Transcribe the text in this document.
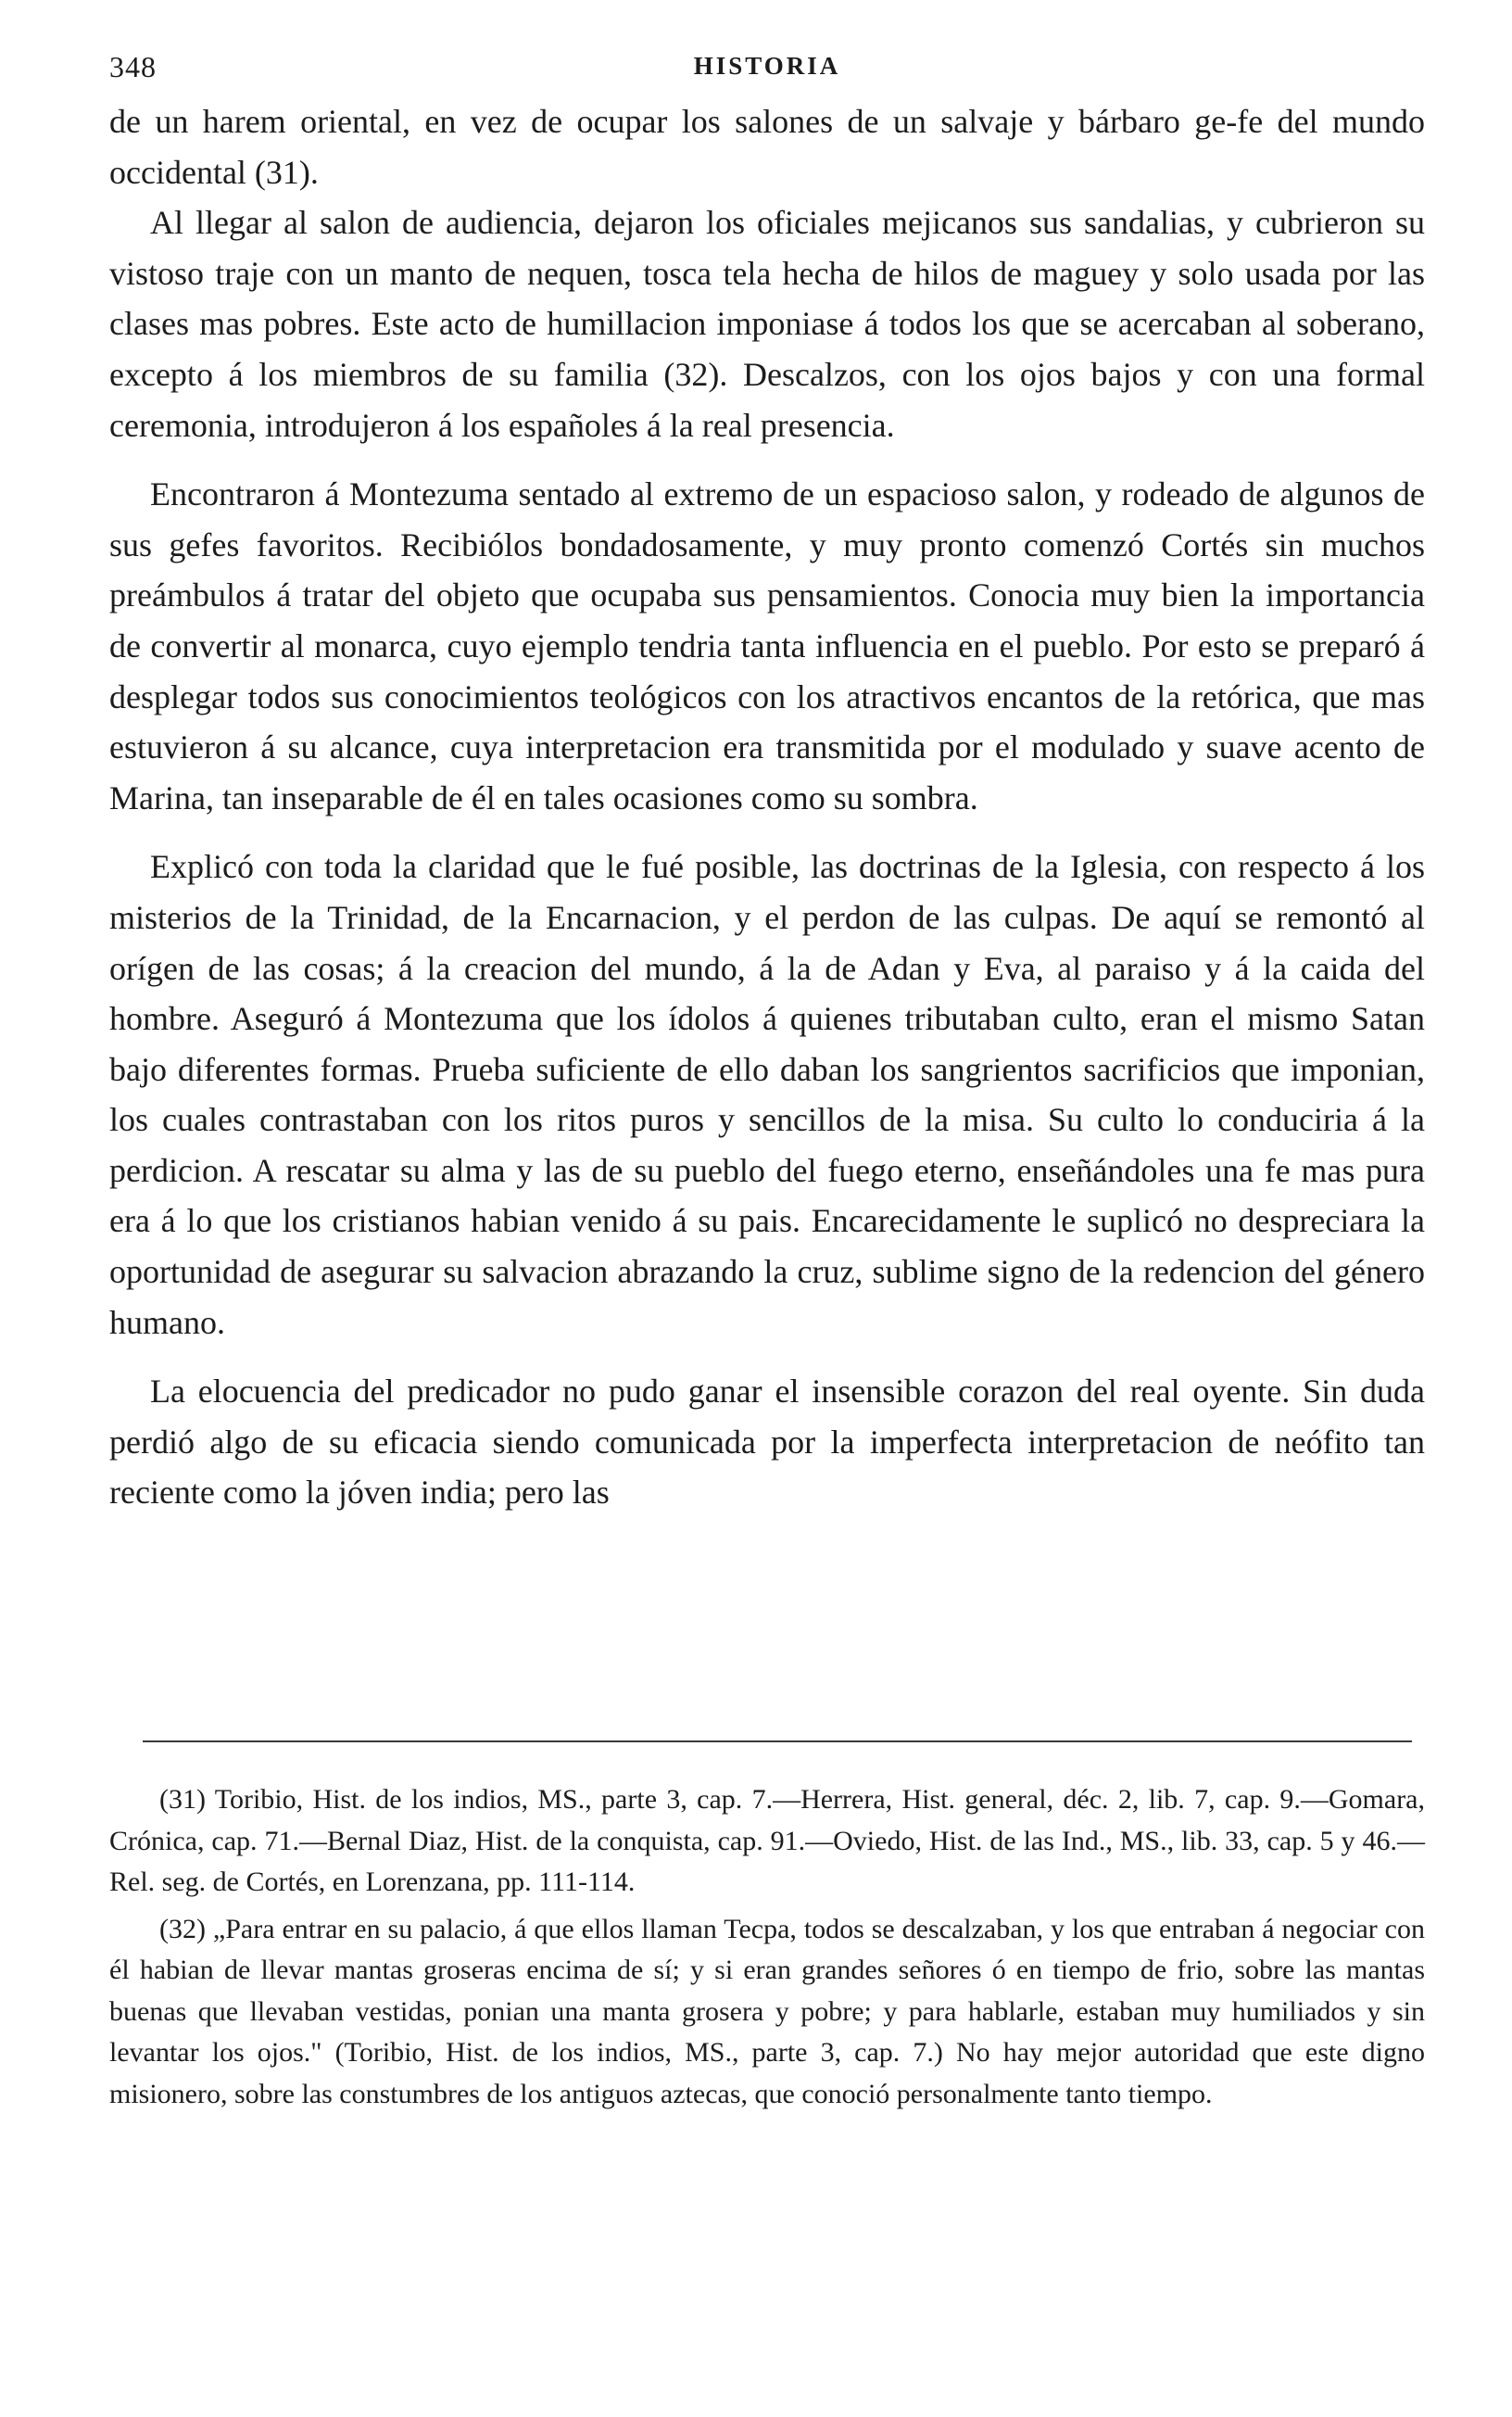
348	HISTORIA

de un harem oriental, en vez de ocupar los salones de un salvaje y bárbaro ge-fe del mundo occidental (31).

Al llegar al salon de audiencia, dejaron los oficiales mejicanos sus sandalias, y cubrieron su vistoso traje con un manto de nequen, tosca tela hecha de hilos de maguey y solo usada por las clases mas pobres. Este acto de humillacion imponiase á todos los que se acercaban al soberano, excepto á los miembros de su familia (32). Descalzos, con los ojos bajos y con una formal ceremonia, introdujeron á los españoles á la real presencia.

Encontraron á Montezuma sentado al extremo de un espacioso salon, y rodeado de algunos de sus gefes favoritos. Recibiólos bondadosamente, y muy pronto comenzó Cortés sin muchos preámbulos á tratar del objeto que ocupaba sus pensamientos. Conocia muy bien la importancia de convertir al monarca, cuyo ejemplo tendria tanta influencia en el pueblo. Por esto se preparó á desplegar todos sus conocimientos teológicos con los atractivos encantos de la retórica, que mas estuvieron á su alcance, cuya interpretacion era transmitida por el modulado y suave acento de Marina, tan inseparable de él en tales ocasiones como su sombra.

Explicó con toda la claridad que le fué posible, las doctrinas de la Iglesia, con respecto á los misterios de la Trinidad, de la Encarnacion, y el perdon de las culpas. De aquí se remontó al orígen de las cosas; á la creacion del mundo, á la de Adan y Eva, al paraiso y á la caida del hombre. Aseguró á Montezuma que los ídolos á quienes tributaban culto, eran el mismo Satan bajo diferentes formas. Prueba suficiente de ello daban los sangrientos sacrificios que imponian, los cuales contrastaban con los ritos puros y sencillos de la misa. Su culto lo conduciria á la perdicion. A rescatar su alma y las de su pueblo del fuego eterno, enseñándoles una fe mas pura era á lo que los cristianos habian venido á su pais. Encarecidamente le suplicó no despreciara la oportunidad de asegurar su salvacion abrazando la cruz, sublime signo de la redencion del género humano.

La elocuencia del predicador no pudo ganar el insensible corazon del real oyente. Sin duda perdió algo de su eficacia siendo comunicada por la imperfecta interpretacion de neófito tan reciente como la jóven india; pero las

(31) Toribio, Hist. de los indios, MS., parte 3, cap. 7.—Herrera, Hist. general, déc. 2, lib. 7, cap. 9.—Gomara, Crónica, cap. 71.—Bernal Diaz, Hist. de la conquista, cap. 91.—Oviedo, Hist. de las Ind., MS., lib. 33, cap. 5 y 46.—Rel. seg. de Cortés, en Lorenzana, pp. 111-114.

(32) „Para entrar en su palacio, á que ellos llaman Tecpa, todos se descalzaban, y los que entraban á negociar con él habian de llevar mantas groseras encima de sí; y si eran grandes señores ó en tiempo de frio, sobre las mantas buenas que llevaban vestidas, ponian una manta grosera y pobre; y para hablarle, estaban muy humiliados y sin levantar los ojos." (Toribio, Hist. de los indios, MS., parte 3, cap. 7.) No hay mejor autoridad que este digno misionero, sobre las constumbres de los antiguos aztecas, que conoció personalmente tanto tiempo.
